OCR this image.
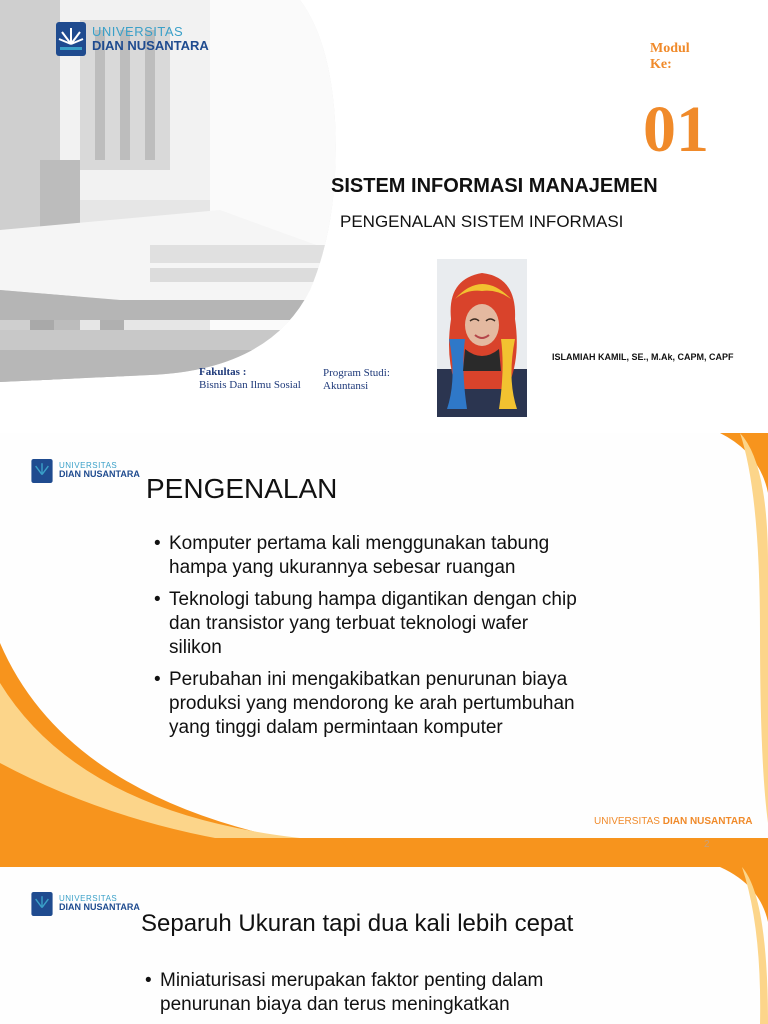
UNIVERSITAS
DIAN NUSANTARA	Modul
Ke:
01
SISTEM INFORMASI MANAJEMEN
PENGENALAN SISTEM INFORMASI
Fakultas :
Bisnis Dan Ilmu Sosial
Program Studi:
Akuntansi
ISLAMIAH KAMIL, SE., M.Ak, CAPM, CAPF
UNIVERSITAS
DIAN NUSANTARA PENGENALAN
• Komputer pertama kali menggunakan tabung
hampa yang ukurannya sebesar ruangan
• Teknologi tabung hampa digantikan dengan chip
dan transistor yang terbuat teknologi wafer
silikon
• Perubahan ini mengakibatkan penurunan biaya
produksi yang mendorong ke arah pertumbuhan
yang tinggi dalam permintaan komputer
UNIVERSITAS DIAN NUSANTARA
2
UNIVERSITAS
DIAN NUSANTARA
Separuh Ukuran tapi dua kali lebih cepat
• Miniaturisasi merupakan faktor penting dalam
penurunan biaya dan terus meningkatkan
